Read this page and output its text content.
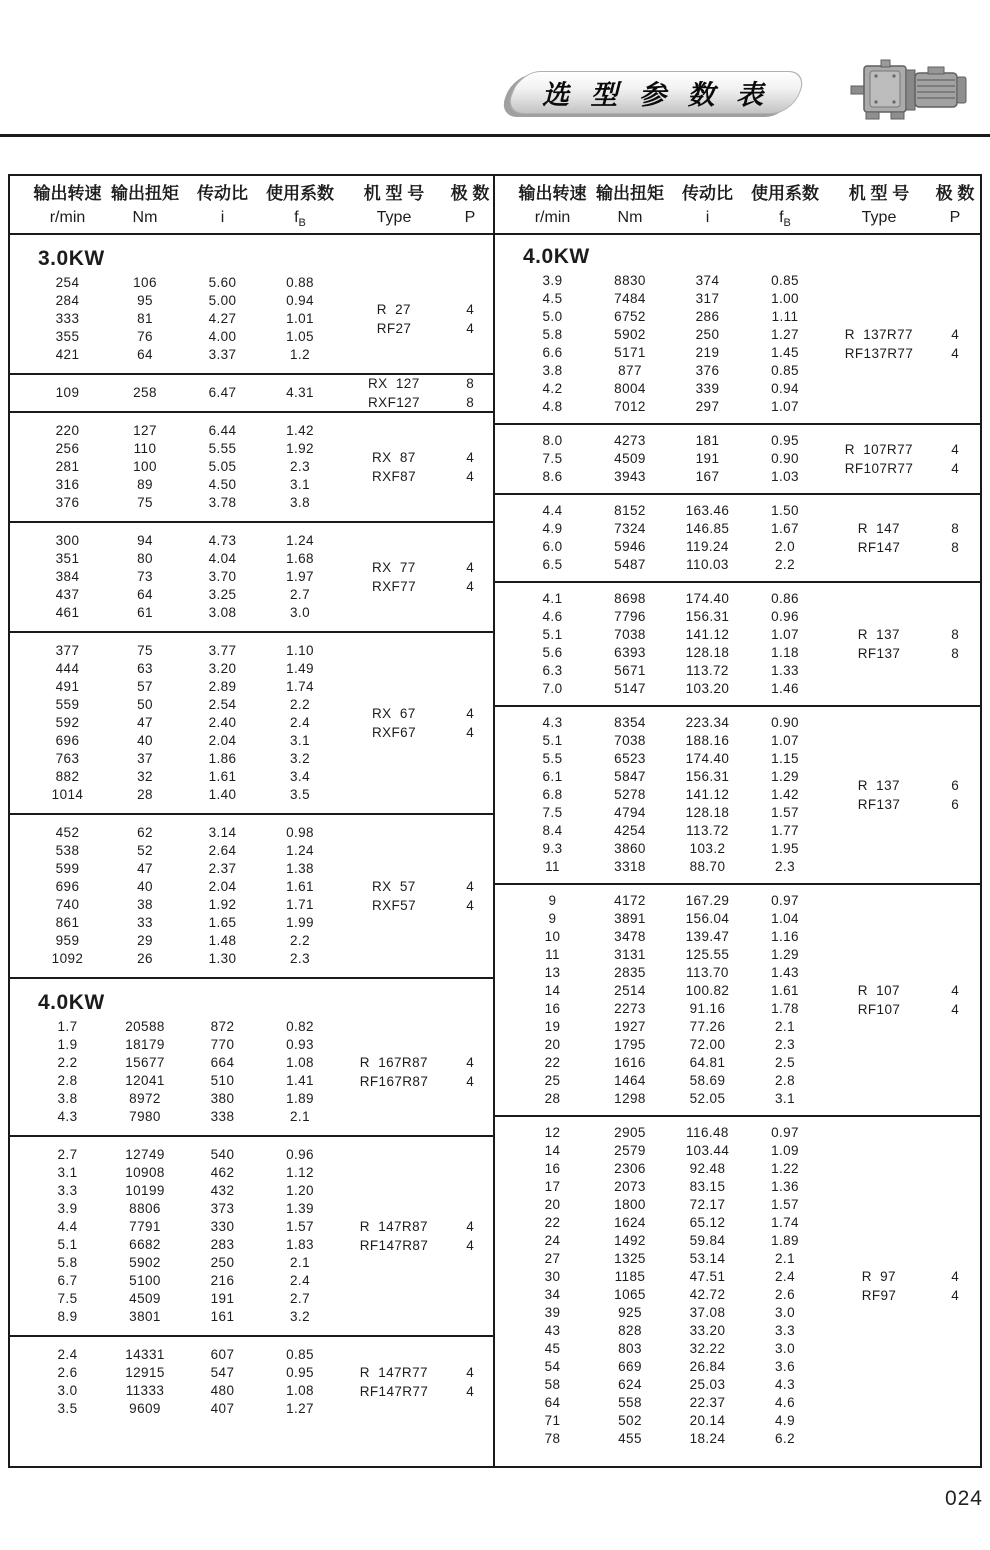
选 型 参 数 表
输出转速 输出扭矩	传动比	使用系数	机 型 号	极 数
r/min	Nm	i	$f_B$	Type	P
3.0KW
254	106	5.60	0.88
284	95	5.00	0.94
333	81	4.27	1.01
355	76	4.00	1.05
421	64	3.37	1.2
R  27
RF27
4
4
109	258	6.47	4.31
RX  127
RXF127
8
8
220	127	6.44	1.42
256	110	5.55	1.92
281	100	5.05	2.3
316	89	4.50	3.1
376	75	3.78	3.8
RX  87
RXF87
4
4
300	94	4.73	1.24
351	80	4.04	1.68
384	73	3.70	1.97
437	64	3.25	2.7
461	61	3.08	3.0
RX  77
RXF77
4
4
377	75	3.77	1.10
444	63	3.20	1.49
491	57	2.89	1.74
559	50	2.54	2.2
592	47	2.40	2.4
696	40	2.04	3.1
763	37	1.86	3.2
882	32	1.61	3.4
1014	28	1.40	3.5
RX  67
RXF67
4
4
452	62	3.14	0.98
538	52	2.64	1.24
599	47	2.37	1.38
696	40	2.04	1.61
740	38	1.92	1.71
861	33	1.65	1.99
959	29	1.48	2.2
1092	26	1.30	2.3
RX  57
RXF57
4
4
4.0KW
1.7	20588	872	0.82
1.9	18179	770	0.93
2.2	15677	664	1.08
2.8	12041	510	1.41
3.8	8972	380	1.89
4.3	7980	338	2.1
R  167R87
RF167R87
4
4
2.7	12749	540	0.96
3.1	10908	462	1.12
3.3	10199	432	1.20
3.9	8806	373	1.39
4.4	7791	330	1.57
5.1	6682	283	1.83
5.8	5902	250	2.1
6.7	5100	216	2.4
7.5	4509	191	2.7
8.9	3801	161	3.2
R  147R87
RF147R87
4
4
2.4	14331	607	0.85
2.6	12915	547	0.95
3.0	11333	480	1.08
3.5	9609	407	1.27
R  147R77
RF147R77
4
4
输出转速 输出扭矩	传动比	使用系数	机 型 号	极 数
r/min	Nm	i	$f_B$	Type	P
4.0KW
3.9	8830	374	0.85
4.5	7484	317	1.00
5.0	6752	286	1.11
5.8	5902	250	1.27
6.6	5171	219	1.45
3.8	877	376	0.85
4.2	8004	339	0.94
4.8	7012	297	1.07
R  137R77
RF137R77
4
4
8.0	4273	181	0.95
7.5	4509	191	0.90
8.6	3943	167	1.03
R  107R77
RF107R77
4
4
4.4	8152	163.46	1.50
4.9	7324	146.85	1.67
6.0	5946	119.24	2.0
6.5	5487	110.03	2.2
R  147
RF147
8
8
4.1	8698	174.40	0.86
4.6	7796	156.31	0.96
5.1	7038	141.12	1.07
5.6	6393	128.18	1.18
6.3	5671	113.72	1.33
7.0	5147	103.20	1.46
R  137
RF137
8
8
4.3	8354	223.34	0.90
5.1	7038	188.16	1.07
5.5	6523	174.40	1.15
6.1	5847	156.31	1.29
6.8	5278	141.12	1.42
7.5	4794	128.18	1.57
8.4	4254	113.72	1.77
9.3	3860	103.2	1.95
11	3318	88.70	2.3
R  137
RF137
6
6
9	4172	167.29	0.97
9	3891	156.04	1.04
10	3478	139.47	1.16
11	3131	125.55	1.29
13	2835	113.70	1.43
14	2514	100.82	1.61
16	2273	91.16	1.78
19	1927	77.26	2.1
20	1795	72.00	2.3
22	1616	64.81	2.5
25	1464	58.69	2.8
28	1298	52.05	3.1
R  107
RF107
4
4
12	2905	116.48	0.97
14	2579	103.44	1.09
16	2306	92.48	1.22
17	2073	83.15	1.36
20	1800	72.17	1.57
22	1624	65.12	1.74
24	1492	59.84	1.89
27	1325	53.14	2.1
30	1185	47.51	2.4
34	1065	42.72	2.6
39	925	37.08	3.0
43	828	33.20	3.3
45	803	32.22	3.0
54	669	26.84	3.6
58	624	25.03	4.3
64	558	22.37	4.6
71	502	20.14	4.9
78	455	18.24	6.2
R  97
RF97
4
4
024
